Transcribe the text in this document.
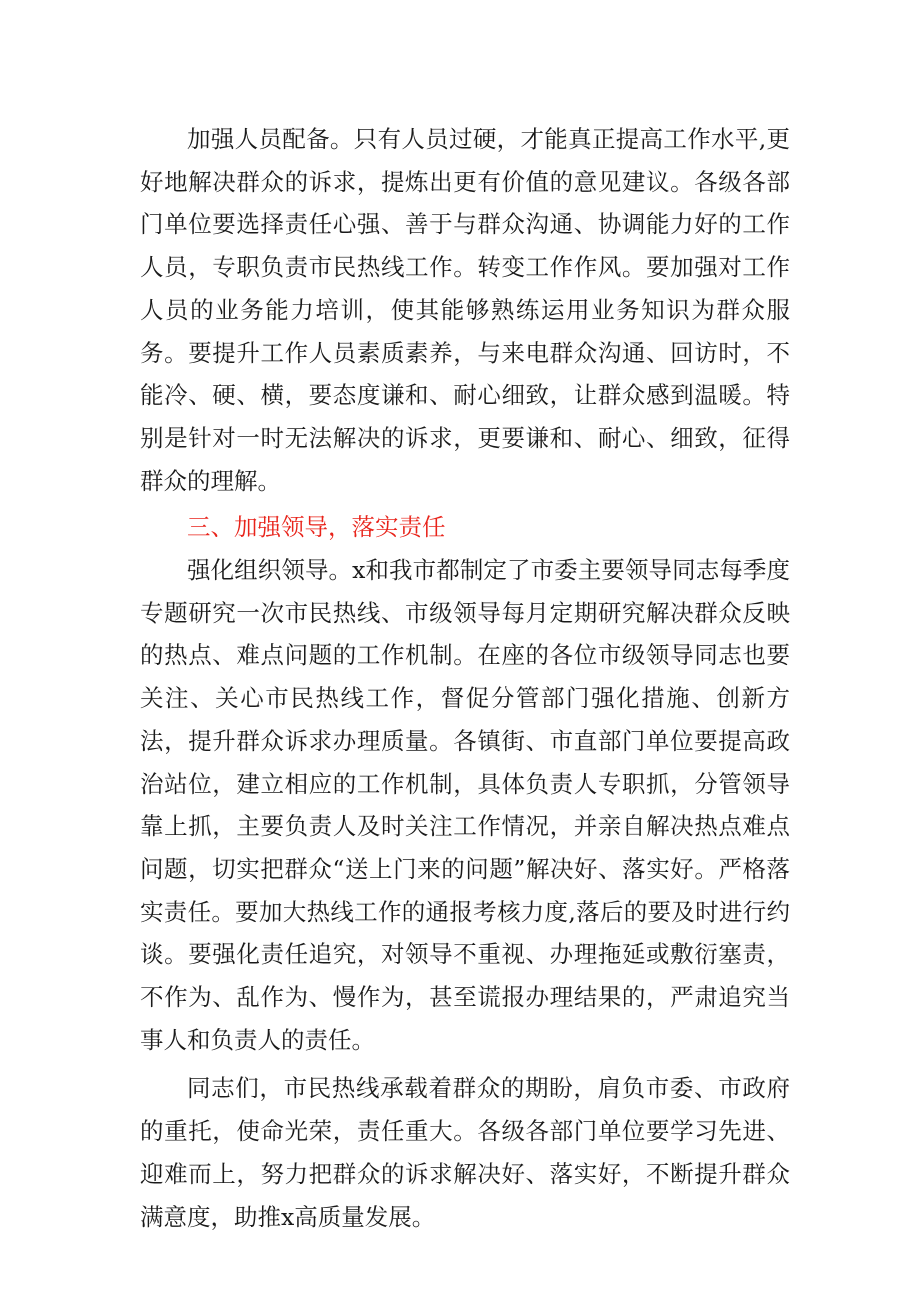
加强人员配备。只有人员过硬，才能真正提高工作水平,更好地解决群众的诉求，提炼出更有价值的意见建议。各级各部门单位要选择责任心强、善于与群众沟通、协调能力好的工作人员，专职负责市民热线工作。转变工作作风。要加强对工作人员的业务能力培训，使其能够熟练运用业务知识为群众服务。要提升工作人员素质素养，与来电群众沟通、回访时，不能冷、硬、横，要态度谦和、耐心细致，让群众感到温暖。特别是针对一时无法解决的诉求，更要谦和、耐心、细致，征得群众的理解。

三、加强领导，落实责任

强化组织领导。x和我市都制定了市委主要领导同志每季度专题研究一次市民热线、市级领导每月定期研究解决群众反映的热点、难点问题的工作机制。在座的各位市级领导同志也要关注、关心市民热线工作，督促分管部门强化措施、创新方法，提升群众诉求办理质量。各镇街、市直部门单位要提高政治站位，建立相应的工作机制，具体负责人专职抓，分管领导靠上抓，主要负责人及时关注工作情况，并亲自解决热点难点问题，切实把群众“送上门来的问题”解决好、落实好。严格落实责任。要加大热线工作的通报考核力度,落后的要及时进行约谈。要强化责任追究，对领导不重视、办理拖延或敷衍塞责，不作为、乱作为、慢作为，甚至谎报办理结果的，严肃追究当事人和负责人的责任。

同志们，市民热线承载着群众的期盼，肩负市委、市政府的重托，使命光荣，责任重大。各级各部门单位要学习先进、迎难而上，努力把群众的诉求解决好、落实好，不断提升群众满意度，助推x高质量发展。
